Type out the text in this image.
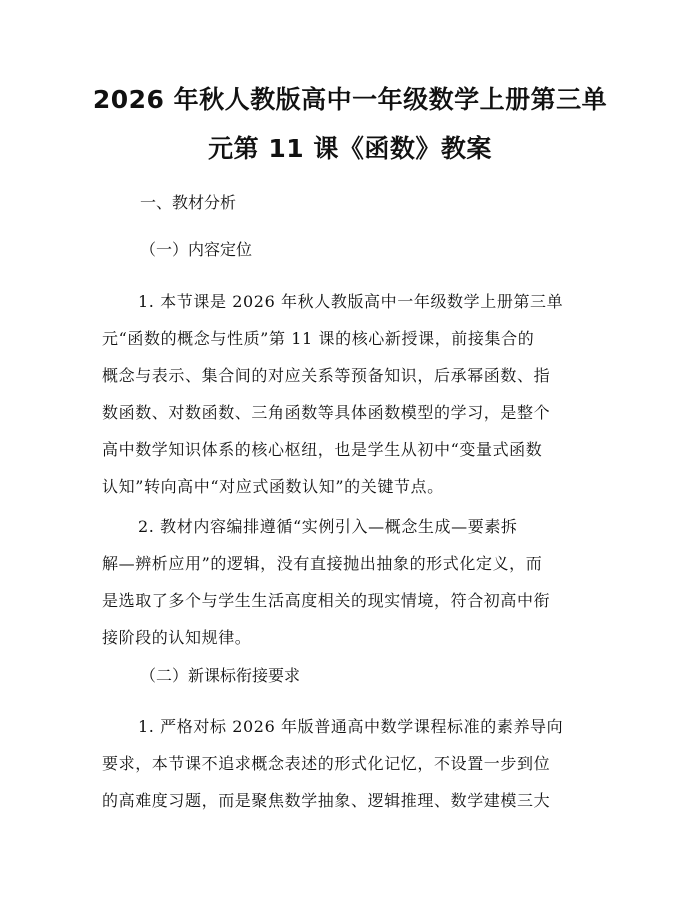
2026 年秋人教版高中一年级数学上册第三单
元第 11 课《函数》教案
一、教材分析
（一）内容定位
1. 本节课是 2026 年秋人教版高中一年级数学上册第三单
元“函数的概念与性质”第 11 课的核心新授课，前接集合的
概念与表示、集合间的对应关系等预备知识，后承幂函数、指
数函数、对数函数、三角函数等具体函数模型的学习，是整个
高中数学知识体系的核心枢纽，也是学生从初中“变量式函数
认知”转向高中“对应式函数认知”的关键节点。
2. 教材内容编排遵循“实例引入—概念生成—要素拆
解—辨析应用”的逻辑，没有直接抛出抽象的形式化定义，而
是选取了多个与学生生活高度相关的现实情境，符合初高中衔
接阶段的认知规律。
（二）新课标衔接要求
1. 严格对标 2026 年版普通高中数学课程标准的素养导向
要求，本节课不追求概念表述的形式化记忆，不设置一步到位
的高难度习题，而是聚焦数学抽象、逻辑推理、数学建模三大
